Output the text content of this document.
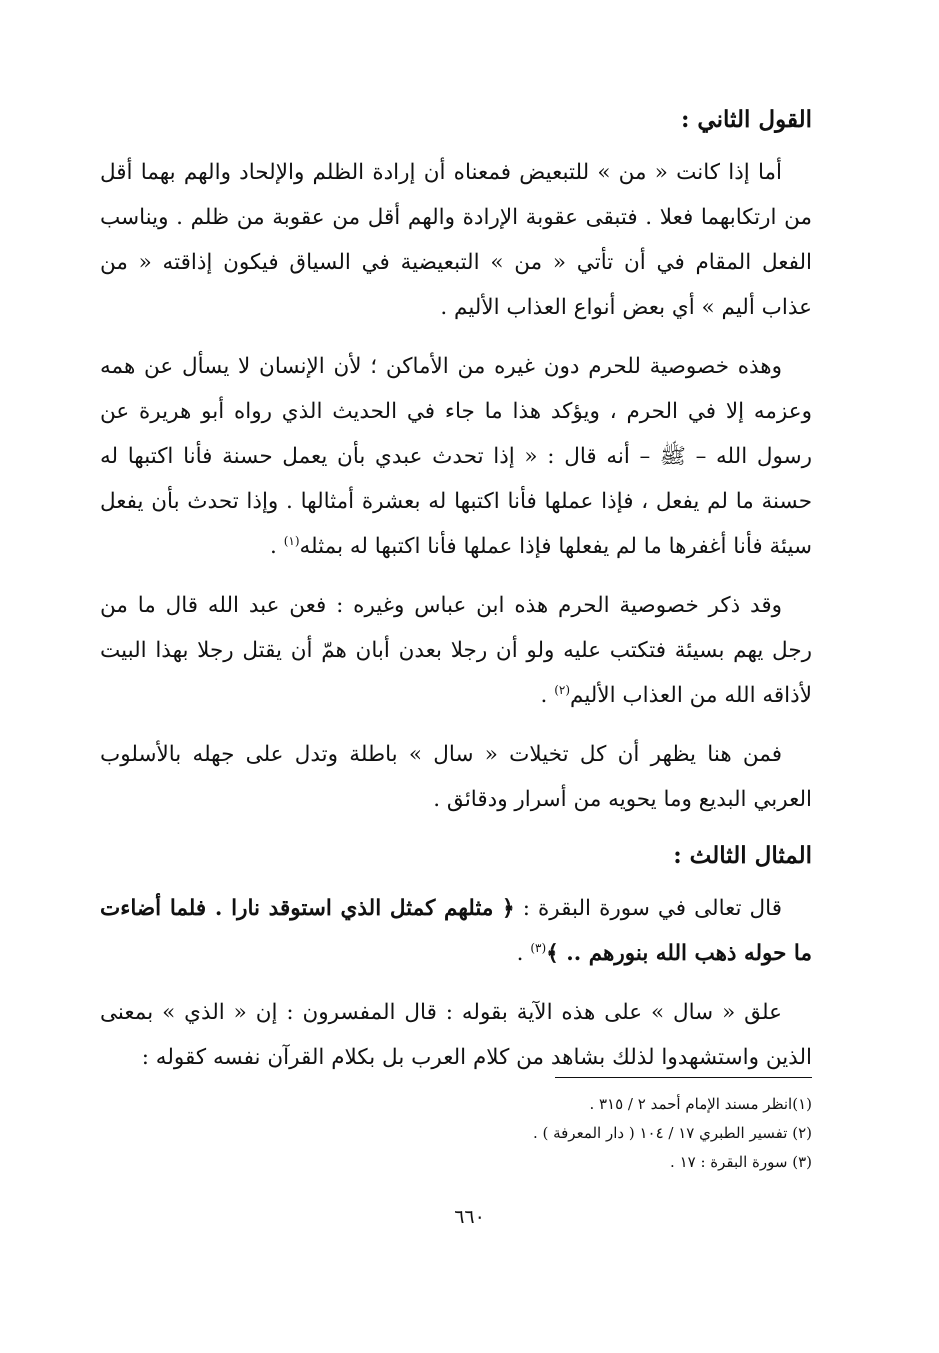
القول الثاني :

أما إذا كانت « من » للتبعيض فمعناه أن إرادة الظلم والإلحاد والهم بهما أقل من ارتكابهما فعلا . فتبقى عقوبة الإرادة والهم أقل من عقوبة من ظلم . ويناسب الفعل المقام في أن تأتي « من » التبعيضية في السياق فيكون إذاقته « من عذاب أليم » أي بعض أنواع العذاب الأليم .

وهذه خصوصية للحرم دون غيره من الأماكن ؛ لأن الإنسان لا يسأل عن همه وعزمه إلا في الحرم ، ويؤكد هذا ما جاء في الحديث الذي رواه أبو هريرة عن رسول الله – ﷺ – أنه قال : « إذا تحدث عبدي بأن يعمل حسنة فأنا اكتبها له حسنة ما لم يفعل ، فإذا عملها فأنا اكتبها له بعشرة أمثالها . وإذا تحدث بأن يفعل سيئة فأنا أغفرها ما لم يفعلها فإذا عملها فأنا اكتبها له بمثله$^{(١)}$ .

وقد ذكر خصوصية الحرم هذه ابن عباس وغيره : فعن عبد الله قال ما من رجل يهم بسيئة فتكتب عليه ولو أن رجلا بعدن أبان همّ أن يقتل رجلا بهذا البيت لأذاقه الله من العذاب الأليم$^{(٢)}$ .

فمن هنا يظهر أن كل تخيلات « سال » باطلة وتدل على جهله بالأسلوب العربي البديع وما يحويه من أسرار ودقائق .

المثال الثالث :

قال تعالى في سورة البقرة : ﴿ مثلهم كمثل الذي استوقد نارا . فلما أضاءت ما حوله ذهب الله بنورهم .. ﴾$^{(٣)}$ .

علق « سال » على هذه الآية بقوله : قال المفسرون : إن « الذي » بمعنى الذين واستشهدوا لذلك بشاهد من كلام العرب بل بكلام القرآن نفسه كقوله :

(١)انظر مسند الإمام أحمد ٢ / ٣١٥ .

(٢) تفسير الطبري ١٧ / ١٠٤ ( دار المعرفة ) .

(٣) سورة البقرة : ١٧ .

٦٦٠
